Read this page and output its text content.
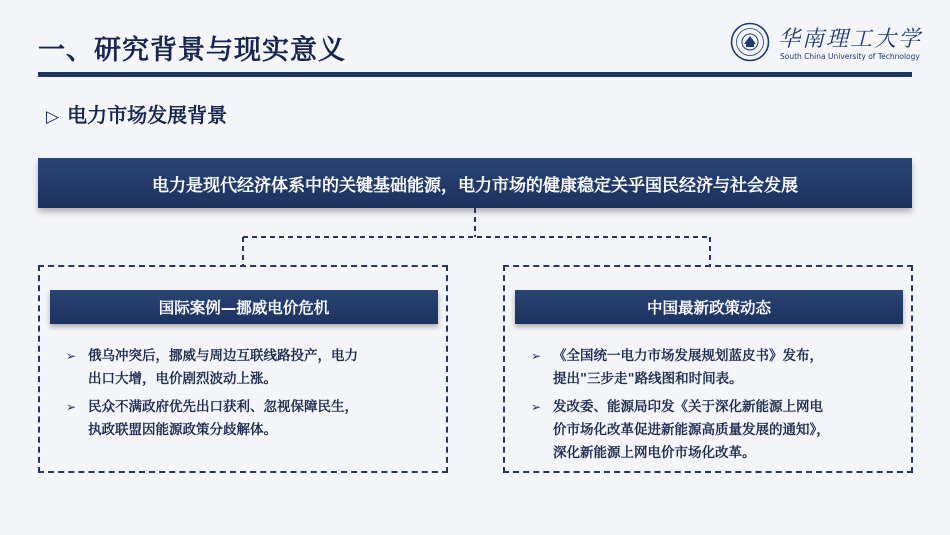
一、研究背景与现实意义	华南理工大学
South China University of Technology
▷ 电力市场发展背景
电力是现代经济体系中的关键基础能源，电力市场的健康稳定关乎国民经济与社会发展
国际案例—挪威电价危机
➢ 俄乌冲突后，挪威与周边互联线路投产，电力
出口大增，电价剧烈波动上涨。
➢ 民众不满政府优先出口获利、忽视保障民生，
执政联盟因能源政策分歧解体。
中国最新政策动态
➢ 《全国统一电力市场发展规划蓝皮书》发布，
提出"三步走"路线图和时间表。
➢ 发改委、能源局印发《关于深化新能源上网电
价市场化改革促进新能源高质量发展的通知》，
深化新能源上网电价市场化改革。
